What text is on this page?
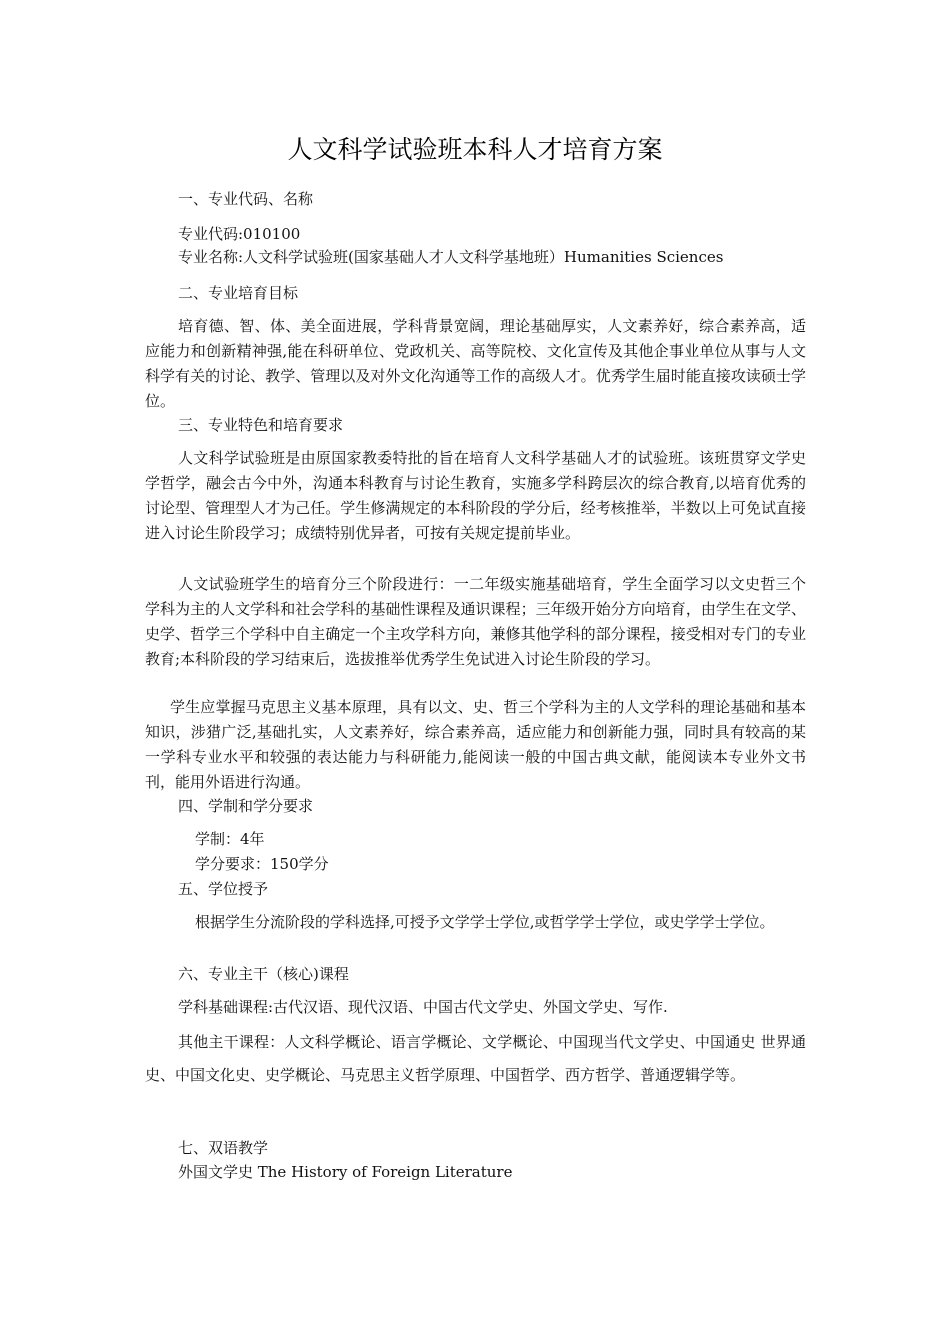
人文科学试验班本科人才培育方案
一、专业代码、名称
专业代码:010100
专业名称:人文科学试验班(国家基础人才人文科学基地班）Humanities Sciences
二、专业培育目标
培育德、智、体、美全面进展，学科背景宽阔，理论基础厚实，人文素养好，综合素养高，适应能力和创新精神强,能在科研单位、党政机关、高等院校、文化宣传及其他企事业单位从事与人文科学有关的讨论、教学、管理以及对外文化沟通等工作的高级人才。优秀学生届时能直接攻读硕士学位。
三、专业特色和培育要求
人文科学试验班是由原国家教委特批的旨在培育人文科学基础人才的试验班。该班贯穿文学史学哲学，融会古今中外，沟通本科教育与讨论生教育，实施多学科跨层次的综合教育,以培育优秀的讨论型、管理型人才为己任。学生修满规定的本科阶段的学分后，经考核推举，半数以上可免试直接进入讨论生阶段学习；成绩特别优异者，可按有关规定提前毕业。
人文试验班学生的培育分三个阶段进行：一二年级实施基础培育，学生全面学习以文史哲三个学科为主的人文学科和社会学科的基础性课程及通识课程；三年级开始分方向培育，由学生在文学、史学、哲学三个学科中自主确定一个主攻学科方向，兼修其他学科的部分课程，接受相对专门的专业教育;本科阶段的学习结束后，选拔推举优秀学生免试进入讨论生阶段的学习。
学生应掌握马克思主义基本原理，具有以文、史、哲三个学科为主的人文学科的理论基础和基本知识，涉猎广泛,基础扎实，人文素养好，综合素养高，适应能力和创新能力强，同时具有较高的某一学科专业水平和较强的表达能力与科研能力,能阅读一般的中国古典文献，能阅读本专业外文书刊，能用外语进行沟通。
四、学制和学分要求
学制：4年
学分要求：150学分
五、学位授予
根据学生分流阶段的学科选择,可授予文学学士学位,或哲学学士学位，或史学学士学位。
六、专业主干（核心)课程
学科基础课程:古代汉语、现代汉语、中国古代文学史、外国文学史、写作.
其他主干课程：人文科学概论、语言学概论、文学概论、中国现当代文学史、中国通史 世界通史、中国文化史、史学概论、马克思主义哲学原理、中国哲学、西方哲学、普通逻辑学等。
七、双语教学
外国文学史 The History of Foreign Literature
